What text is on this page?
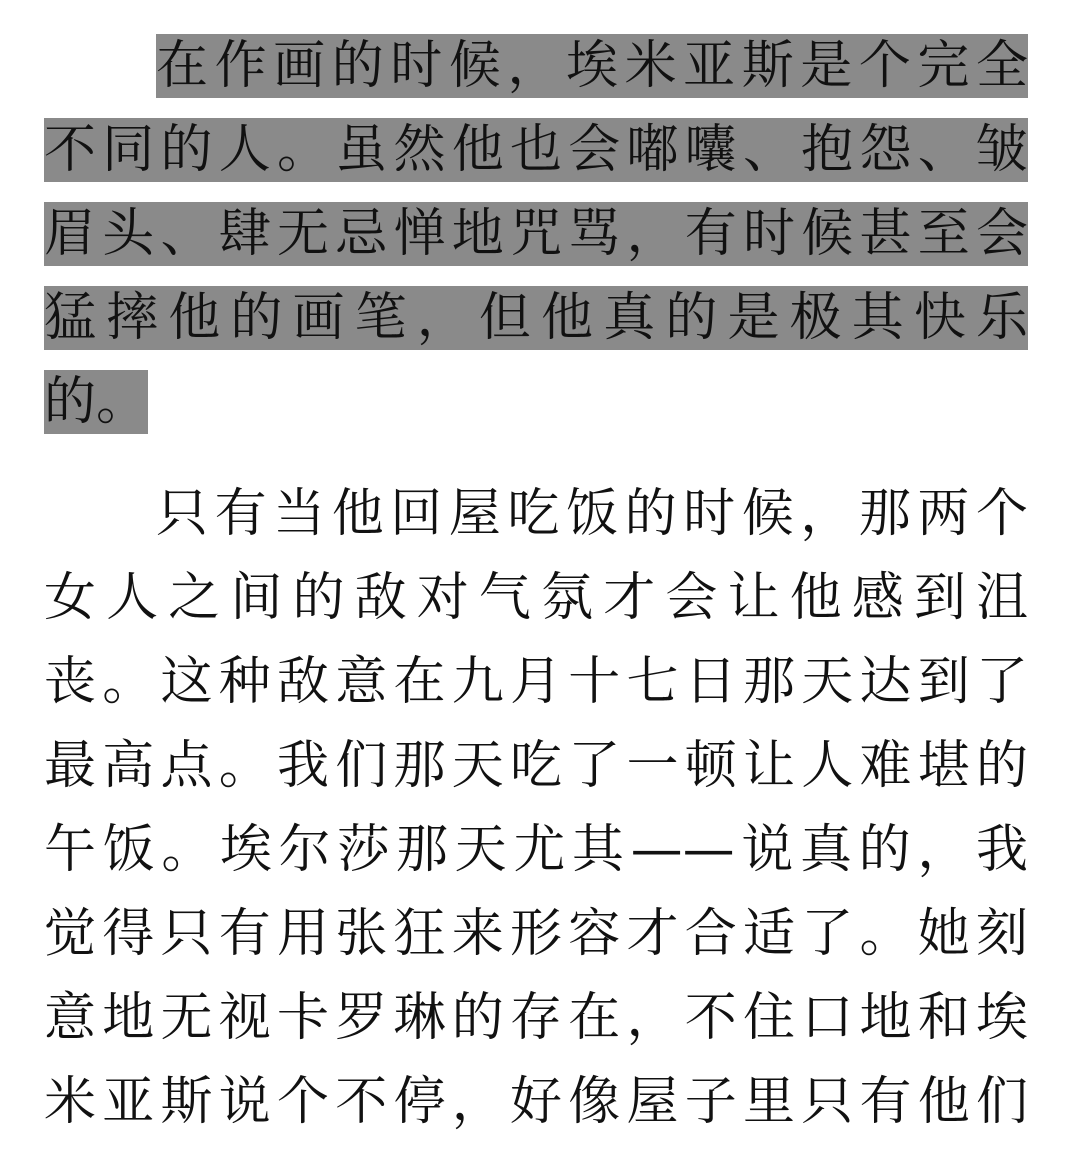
在作画的时候，埃米亚斯是个完全
不同的人。虽然他也会嘟囔、抱怨、皱
眉头、肆无忌惮地咒骂，有时候甚至会
猛摔他的画笔，但他真的是极其快乐
的。
只有当他回屋吃饭的时候，那两个
女人之间的敌对气氛才会让他感到沮
丧。这种敌意在九月十七日那天达到了
最高点。我们那天吃了一顿让人难堪的
午饭。埃尔莎那天尤其——说真的，我
觉得只有用张狂来形容才合适了。她刻
意地无视卡罗琳的存在，不住口地和埃
米亚斯说个不停，好像屋子里只有他们
